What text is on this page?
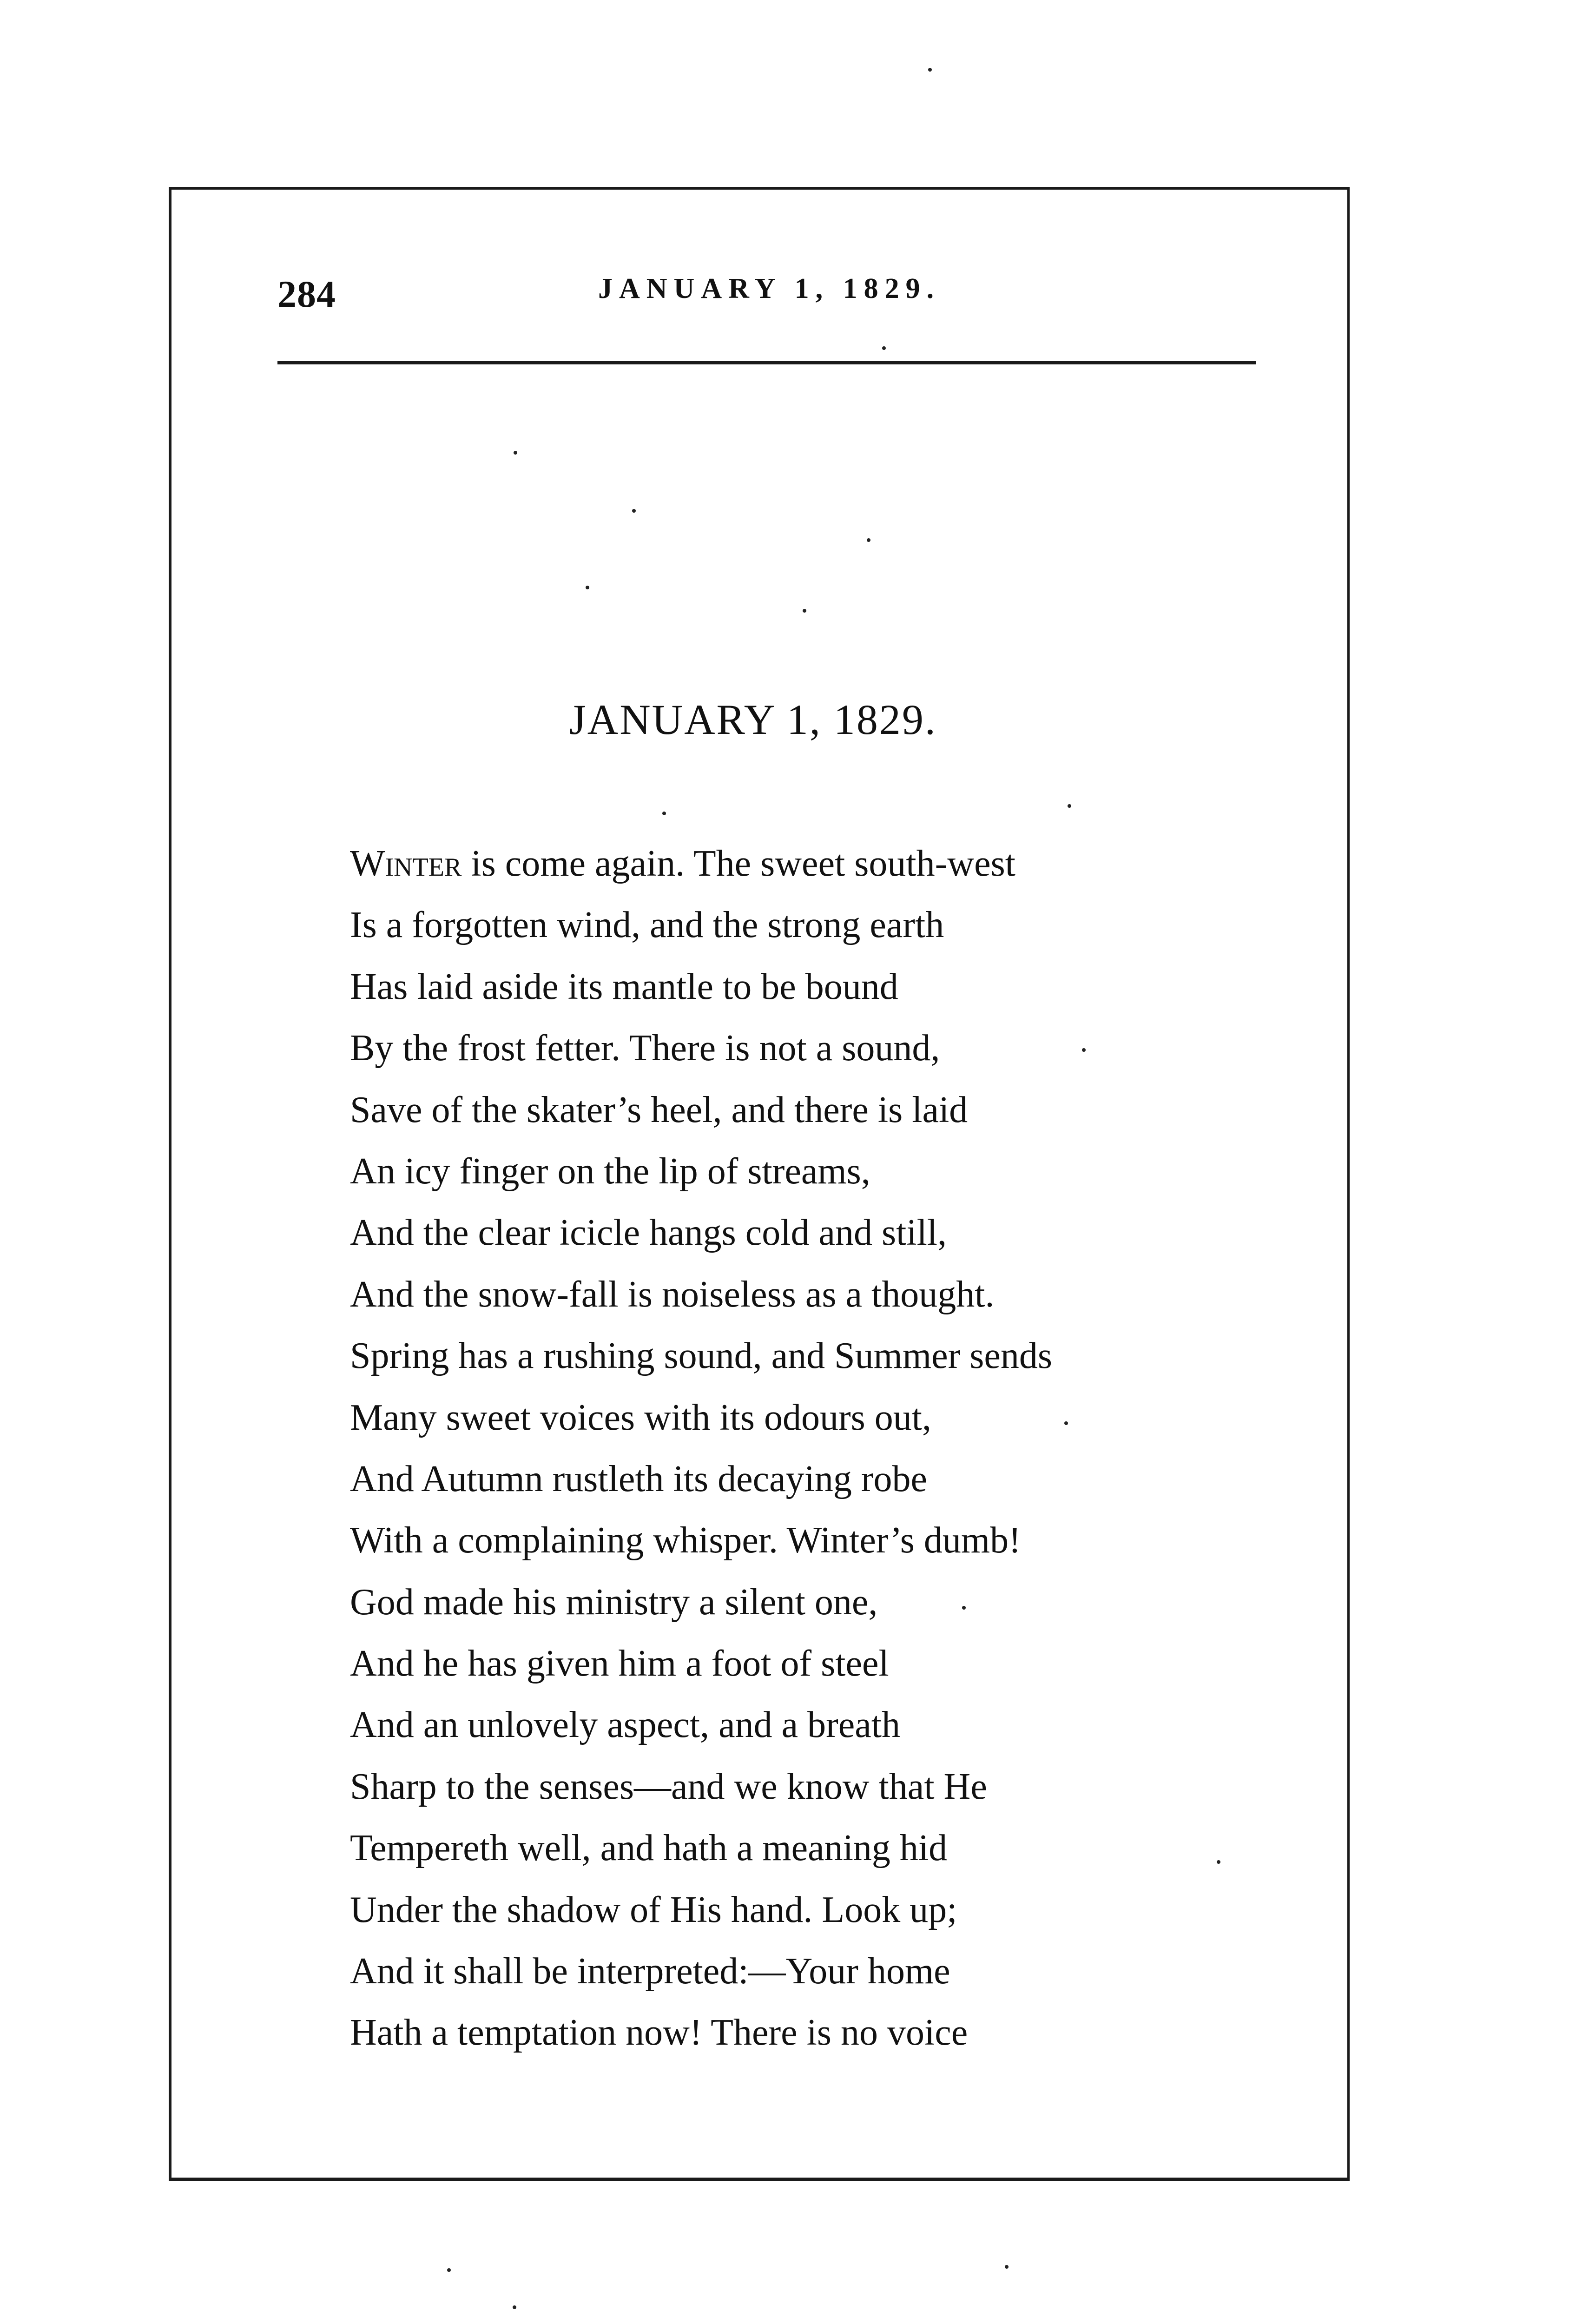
284	JANUARY 1, 1829.
JANUARY 1, 1829.
Winter is come again. The sweet south-west
Is a forgotten wind, and the strong earth
Has laid aside its mantle to be bound
By the frost fetter. There is not a sound,
Save of the skater’s heel, and there is laid
An icy finger on the lip of streams,
And the clear icicle hangs cold and still,
And the snow-fall is noiseless as a thought.
Spring has a rushing sound, and Summer sends
Many sweet voices with its odours out,
And Autumn rustleth its decaying robe
With a complaining whisper. Winter’s dumb!
God made his ministry a silent one,
And he has given him a foot of steel
And an unlovely aspect, and a breath
Sharp to the senses—and we know that He
Tempereth well, and hath a meaning hid
Under the shadow of His hand. Look up;
And it shall be interpreted:—Your home
Hath a temptation now! There is no voice
